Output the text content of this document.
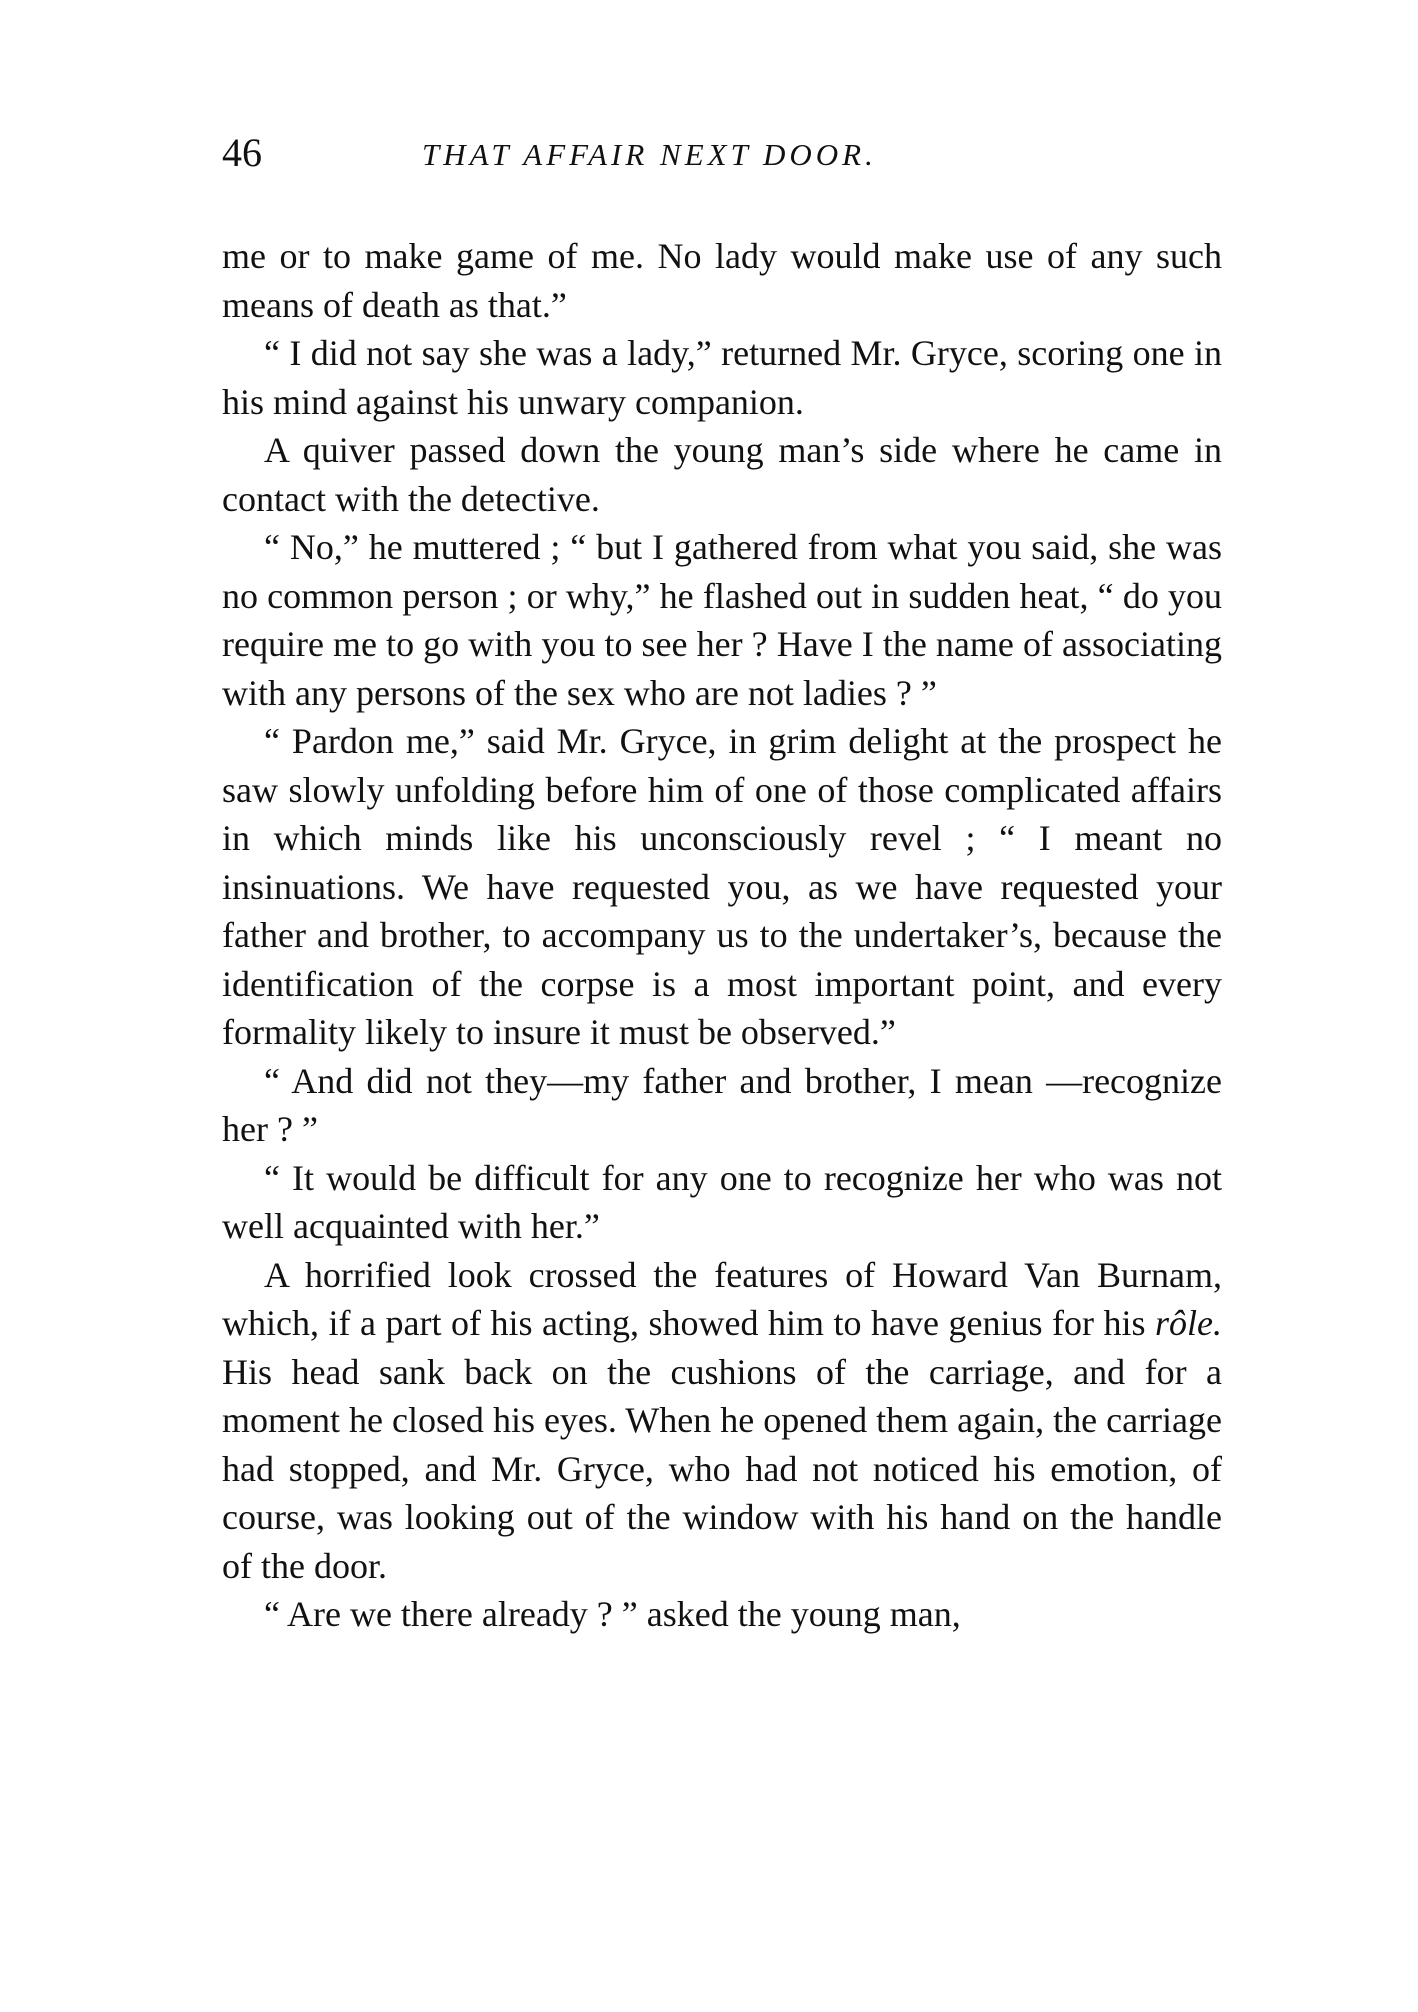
46	THAT AFFAIR NEXT DOOR.

me or to make game of me. No lady would make use of any such means of death as that.”

“ I did not say she was a lady,” returned Mr. Gryce, scoring one in his mind against his unwary companion.

A quiver passed down the young man’s side where he came in contact with the detective.

“ No,” he muttered ; “ but I gathered from what you said, she was no common person ; or why,” he flashed out in sudden heat, “ do you require me to go with you to see her ? Have I the name of associating with any persons of the sex who are not ladies ? ”

“ Pardon me,” said Mr. Gryce, in grim delight at the prospect he saw slowly unfolding before him of one of those complicated affairs in which minds like his unconsciously revel ; “ I meant no insinuations. We have requested you, as we have requested your father and brother, to accompany us to the undertaker’s, because the identification of the corpse is a most important point, and every formality likely to insure it must be observed.”

“ And did not they—my father and brother, I mean —recognize her ? ”

“ It would be difficult for any one to recognize her who was not well acquainted with her.”

A horrified look crossed the features of Howard Van Burnam, which, if a part of his acting, showed him to have genius for his rôle. His head sank back on the cushions of the carriage, and for a moment he closed his eyes. When he opened them again, the carriage had stopped, and Mr. Gryce, who had not noticed his emotion, of course, was looking out of the window with his hand on the handle of the door.

“ Are we there already ? ” asked the young man,
